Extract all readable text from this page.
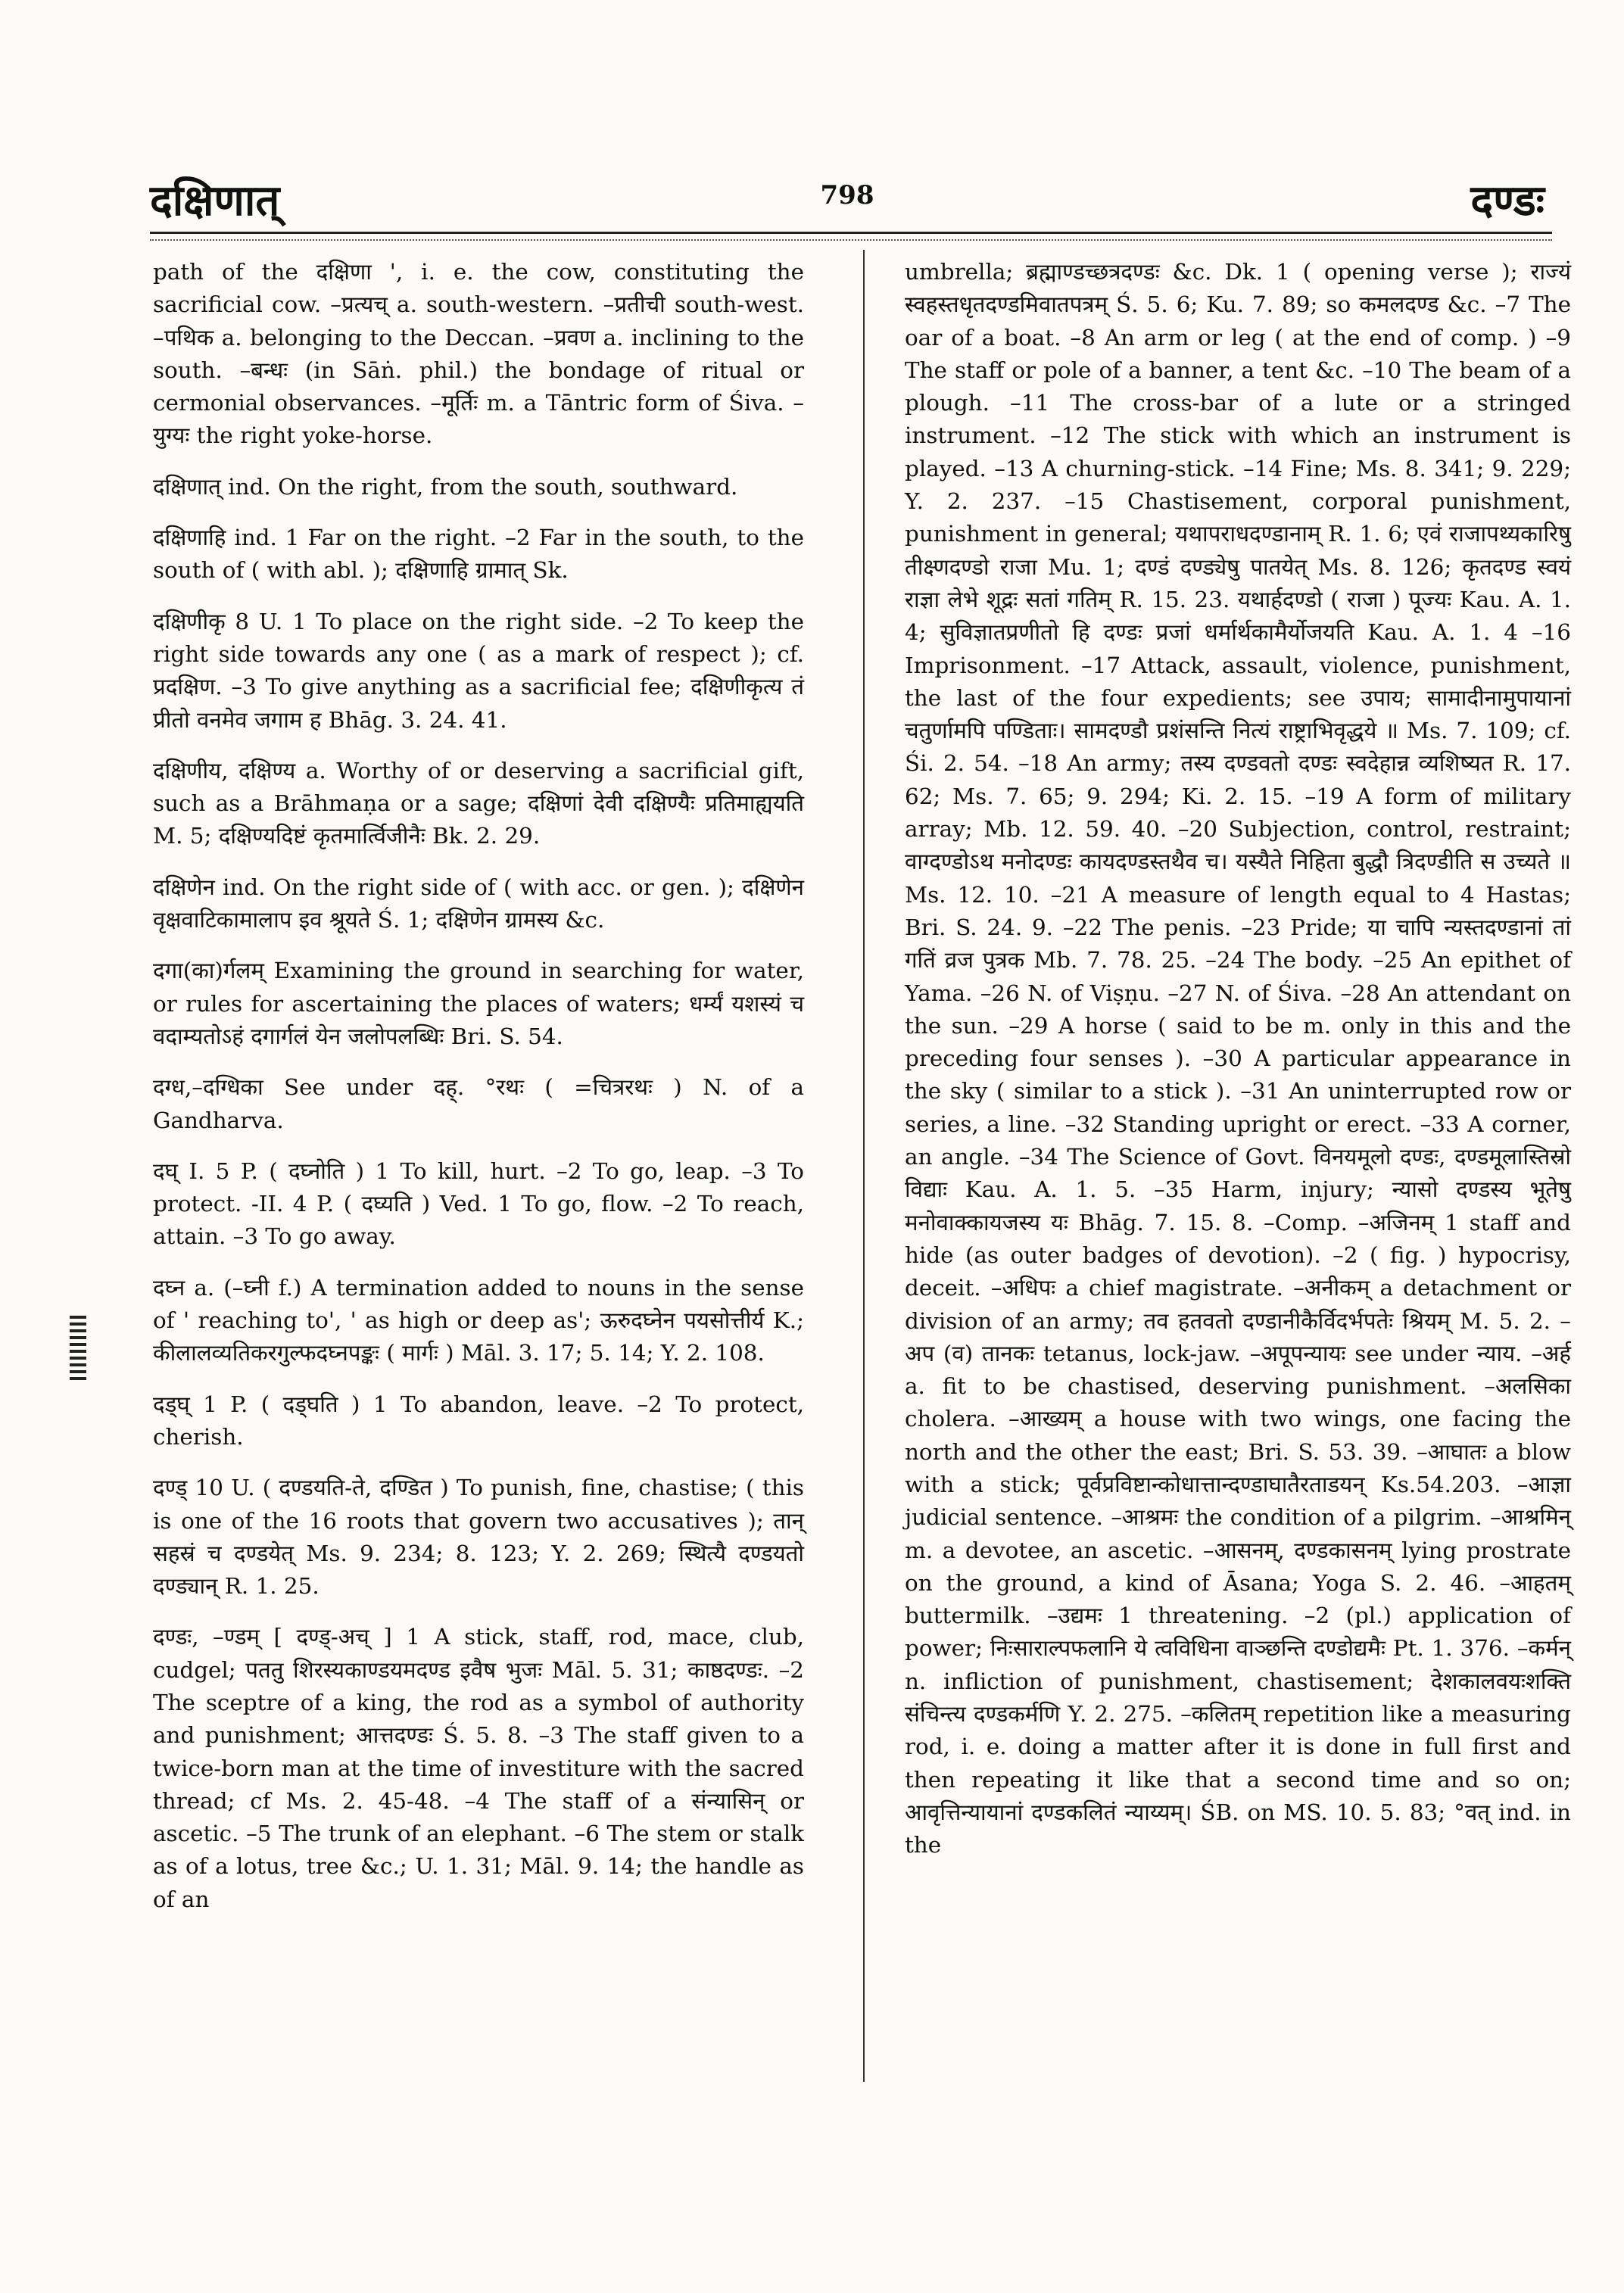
दक्षिणात्	798	दण्डः

path of the दक्षिणा ', i. e. the cow, constituting the sacrificial cow. –प्रत्यच् a. south-western. –प्रतीची south-west. –पथिक a. belonging to the Deccan. –प्रवण a. inclining to the south. –बन्धः (in Sāṅ. phil.) the bondage of ritual or cermonial observances. –मूर्तिः m. a Tāntric form of Śiva. –युग्यः the right yoke-horse.

दक्षिणात् ind. On the right, from the south, southward.

दक्षिणाहि ind. 1 Far on the right. –2 Far in the south, to the south of ( with abl. ); दक्षिणाहि ग्रामात् Sk.

दक्षिणीकृ 8 U. 1 To place on the right side. –2 To keep the right side towards any one ( as a mark of respect ); cf. प्रदक्षिण. –3 To give anything as a sacrificial fee; दक्षिणीकृत्य तं प्रीतो वनमेव जगाम ह Bhāg. 3. 24. 41.

दक्षिणीय, दक्षिण्य a. Worthy of or deserving a sacrificial gift, such as a Brāhmaṇa or a sage; दक्षिणां देवी दक्षिण्यैः प्रतिमाह्ययति M. 5; दक्षिण्यदिष्टं कृतमार्त्विजीनैः Bk. 2. 29.

दक्षिणेन ind. On the right side of ( with acc. or gen. ); दक्षिणेन वृक्षवाटिकामालाप इव श्रूयते Ś. 1; दक्षिणेन ग्रामस्य &c.

दगा(का)र्गलम् Examining the ground in searching for water, or rules for ascertaining the places of waters; धर्म्यं यशस्यं च वदाम्यतोऽहं दगार्गलं येन जलोपलब्धिः Bri. S. 54.

दग्ध,–दग्धिका See under दह्. °रथः ( =चित्ररथः ) N. of a Gandharva.

दघ् I. 5 P. ( दघ्नोति ) 1 To kill, hurt. –2 To go, leap. –3 To protect. -II. 4 P. ( दघ्यति ) Ved. 1 To go, flow. –2 To reach, attain. –3 To go away.

दघ्न a. (–घ्नी f.) A termination added to nouns in the sense of ' reaching to', ' as high or deep as'; ऊरुदघ्नेन पयसोत्तीर्य K.; कीलालव्यतिकरगुल्फदघ्नपङ्कः ( मार्गः ) Māl. 3. 17; 5. 14; Y. 2. 108.

दड्घ् 1 P. ( दड्घति ) 1 To abandon, leave. –2 To protect, cherish.

दण्ड् 10 U. ( दण्डयति-ते, दण्डित ) To punish, fine, chastise; ( this is one of the 16 roots that govern two accusatives ); तान् सहस्रं च दण्डयेत् Ms. 9. 234; 8. 123; Y. 2. 269; स्थित्यै दण्डयतो दण्ड्यान् R. 1. 25.

दण्डः, –ण्डम् [ दण्ड्-अच् ] 1 A stick, staff, rod, mace, club, cudgel; पततु शिरस्यकाण्डयमदण्ड इवैष भुजः Māl. 5. 31; काष्ठदण्डः. –2 The sceptre of a king, the rod as a symbol of authority and punishment; आत्तदण्डः Ś. 5. 8. –3 The staff given to a twice-born man at the time of investiture with the sacred thread; cf Ms. 2. 45-48. –4 The staff of a संन्यासिन् or ascetic. –5 The trunk of an elephant. –6 The stem or stalk as of a lotus, tree &c.; U. 1. 31; Māl. 9. 14; the handle as of an

umbrella; ब्रह्माण्डच्छत्रदण्डः &c. Dk. 1 ( opening verse ); राज्यं स्वहस्तधृतदण्डमिवातपत्रम् Ś. 5. 6; Ku. 7. 89; so कमलदण्ड &c. –7 The oar of a boat. –8 An arm or leg ( at the end of comp. ) –9 The staff or pole of a banner, a tent &c. –10 The beam of a plough. –11 The cross-bar of a lute or a stringed instrument. –12 The stick with which an instrument is played. –13 A churning-stick. –14 Fine; Ms. 8. 341; 9. 229; Y. 2. 237. –15 Chastisement, corporal punishment, punishment in general; यथापराधदण्डानाम् R. 1. 6; एवं राजापथ्यकारिषु तीक्ष्णदण्डो राजा Mu. 1; दण्डं दण्ड्येषु पातयेत् Ms. 8. 126; कृतदण्ड स्वयं राज्ञा लेभे शूद्रः सतां गतिम् R. 15. 23. यथार्हदण्डो ( राजा ) पूज्यः Kau. A. 1. 4; सुविज्ञातप्रणीतो हि दण्डः प्रजां धर्मार्थकामैर्योजयति Kau. A. 1. 4 –16 Imprisonment. –17 Attack, assault, violence, punishment, the last of the four expedients; see उपाय; सामादीनामुपायानां चतुर्णामपि पण्डिताः। सामदण्डौ प्रशंसन्ति नित्यं राष्ट्राभिवृद्धये ॥ Ms. 7. 109; cf. Śi. 2. 54. –18 An army; तस्य दण्डवतो दण्डः स्वदेहान्न व्यशिष्यत R. 17. 62; Ms. 7. 65; 9. 294; Ki. 2. 15. –19 A form of military array; Mb. 12. 59. 40. –20 Subjection, control, restraint; वाग्दण्डोऽथ मनोदण्डः कायदण्डस्तथैव च। यस्यैते निहिता बुद्धौ त्रिदण्डीति स उच्यते ॥ Ms. 12. 10. –21 A measure of length equal to 4 Hastas; Bri. S. 24. 9. –22 The penis. –23 Pride; या चापि न्यस्तदण्डानां तां गतिं व्रज पुत्रक Mb. 7. 78. 25. –24 The body. –25 An epithet of Yama. –26 N. of Viṣṇu. –27 N. of Śiva. –28 An attendant on the sun. –29 A horse ( said to be m. only in this and the preceding four senses ). –30 A particular appearance in the sky ( similar to a stick ). –31 An uninterrupted row or series, a line. –32 Standing upright or erect. –33 A corner, an angle. –34 The Science of Govt. विनयमूलो दण्डः, दण्डमूलास्तिस्रो विद्याः Kau. A. 1. 5. –35 Harm, injury; न्यासो दण्डस्य भूतेषु मनोवाक्कायजस्य यः Bhāg. 7. 15. 8. –Comp. –अजिनम् 1 staff and hide (as outer badges of devotion). –2 ( fig. ) hypocrisy, deceit. –अधिपः a chief magistrate. –अनीकम् a detachment or division of an army; तव हतवतो दण्डानीकैर्विदर्भपतेः श्रियम् M. 5. 2. –अप (व) तानकः tetanus, lock-jaw. –अपूपन्यायः see under न्याय. –अर्ह a. fit to be chastised, deserving punishment. –अलसिका cholera. –आख्यम् a house with two wings, one facing the north and the other the east; Bri. S. 53. 39. –आघातः a blow with a stick; पूर्वप्रविष्टान्कोधात्तान्दण्डाघातैरताडयन् Ks.54.203. –आज्ञा judicial sentence. –आश्रमः the condition of a pilgrim. –आश्रमिन् m. a devotee, an ascetic. –आसनम्, दण्डकासनम् lying prostrate on the ground, a kind of Āsana; Yoga S. 2. 46. –आहतम् buttermilk. –उद्यमः 1 threatening. –2 (pl.) application of power; निःसाराल्पफलानि ये त्वविधिना वाञ्छन्ति दण्डोद्यमैः Pt. 1. 376. –कर्मन् n. infliction of punishment, chastisement; देशकालवयःशक्ति संचिन्त्य दण्डकर्मणि Y. 2. 275. –कलितम् repetition like a measuring rod, i. e. doing a matter after it is done in full first and then repeating it like that a second time and so on; आवृत्तिन्यायानां दण्डकलितं न्याय्यम्। ŚB. on MS. 10. 5. 83; °वत् ind. in the
